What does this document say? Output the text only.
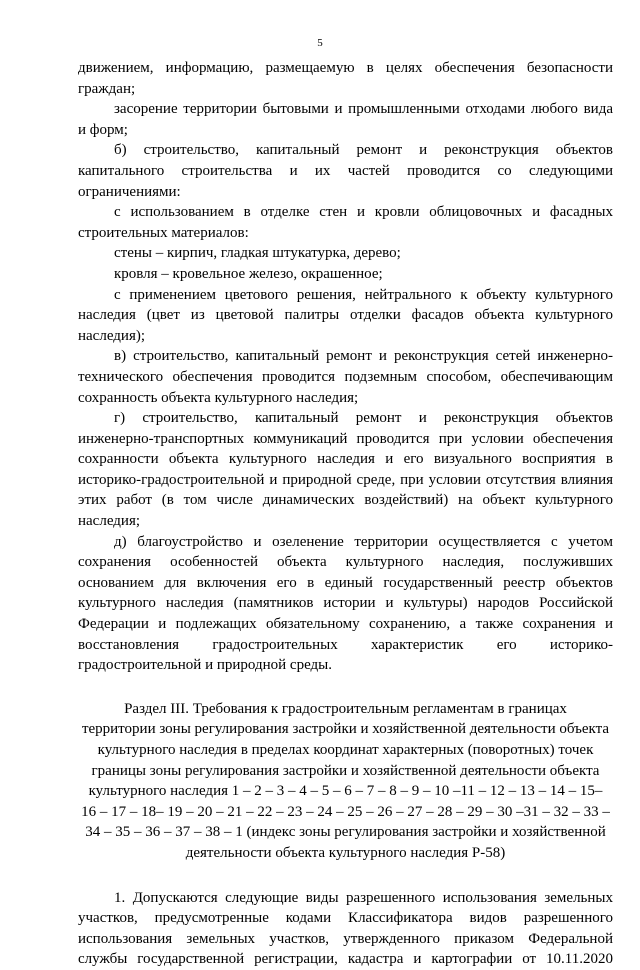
5
движением, информацию, размещаемую в целях обеспечения безопасности
граждан;
засорение территории бытовыми и промышленными отходами любого вида
и форм;
б) строительство, капитальный ремонт и реконструкция объектов
капитального строительства и их частей проводится со следующими
ограничениями:
с использованием в отделке стен и кровли облицовочных и фасадных
строительных материалов:
стены – кирпич, гладкая штукатурка, дерево;
кровля – кровельное железо, окрашенное;
с применением цветового решения, нейтрального к объекту культурного
наследия (цвет из цветовой палитры отделки фасадов объекта культурного
наследия);
в) строительство, капитальный ремонт и реконструкция сетей инженерно-
технического обеспечения проводится подземным способом, обеспечивающим
сохранность объекта культурного наследия;
г) строительство, капитальный ремонт и реконструкция объектов
инженерно-транспортных коммуникаций проводится при условии обеспечения
сохранности объекта культурного наследия и его визуального восприятия в
историко-градостроительной и природной среде, при условии отсутствия влияния
этих работ (в том числе динамических воздействий) на объект культурного
наследия;
д) благоустройство и озеленение территории осуществляется с учетом
сохранения особенностей объекта культурного наследия, послуживших
основанием для включения его в единый государственный реестр объектов
культурного наследия (памятников истории и культуры) народов Российской
Федерации и подлежащих обязательному сохранению, а также сохранения и
восстановления градостроительных характеристик его историко-
градостроительной и природной среды.
Раздел III. Требования к градостроительным регламентам в границах
территории зоны регулирования застройки и хозяйственной деятельности объекта
культурного наследия в пределах координат характерных (поворотных) точек
границы зоны регулирования застройки и хозяйственной деятельности объекта
культурного наследия 1 – 2 – 3 – 4 – 5 – 6 – 7 – 8 – 9 – 10 –11 – 12 – 13 – 14 – 15–
16 – 17 – 18– 19 – 20 – 21 – 22 – 23 – 24 – 25 – 26 – 27 – 28 – 29 – 30 –31 – 32 – 33 –
34 – 35 – 36 – 37 – 38 – 1 (индекс зоны регулирования застройки и хозяйственной
деятельности объекта культурного наследия Р-58)
1. Допускаются следующие виды разрешенного использования земельных
участков, предусмотренные кодами Классификатора видов разрешенного
использования земельных участков, утвержденного приказом Федеральной
службы государственной регистрации, кадастра и картографии от 10.11.2020
